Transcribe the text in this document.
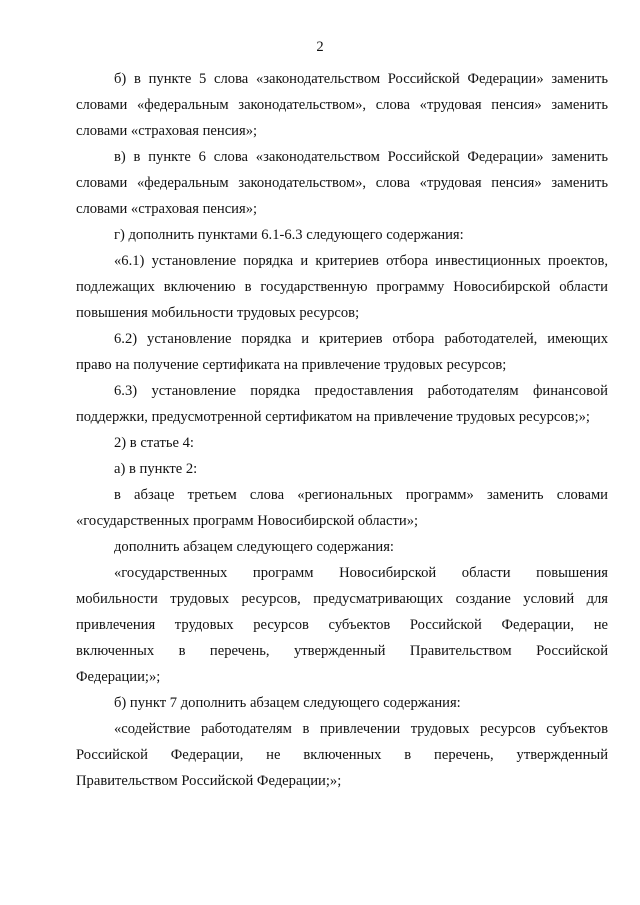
2
б) в пункте 5 слова «законодательством Российской Федерации» заменить
словами «федеральным законодательством», слова «трудовая пенсия» заменить
словами «страховая пенсия»;
в) в пункте 6 слова «законодательством Российской Федерации» заменить
словами «федеральным законодательством», слова «трудовая пенсия» заменить
словами «страховая пенсия»;
г) дополнить пунктами 6.1-6.3 следующего содержания:
«6.1) установление порядка и критериев отбора инвестиционных проектов,
подлежащих включению в государственную программу Новосибирской области
повышения мобильности трудовых ресурсов;
6.2) установление порядка и критериев отбора работодателей, имеющих
право на получение сертификата на привлечение трудовых ресурсов;
6.3) установление порядка предоставления работодателям финансовой
поддержки, предусмотренной сертификатом на привлечение трудовых ресурсов;»;
2) в статье 4:
а) в пункте 2:
в абзаце третьем слова «региональных программ» заменить словами
«государственных программ Новосибирской области»;
дополнить абзацем следующего содержания:
«государственных программ Новосибирской области повышения
мобильности трудовых ресурсов, предусматривающих создание условий для
привлечения трудовых ресурсов субъектов Российской Федерации, не
включенных в перечень, утвержденный Правительством Российской
Федерации;»;
б) пункт 7 дополнить абзацем следующего содержания:
«содействие работодателям в привлечении трудовых ресурсов субъектов
Российской Федерации, не включенных в перечень, утвержденный
Правительством Российской Федерации;»;
